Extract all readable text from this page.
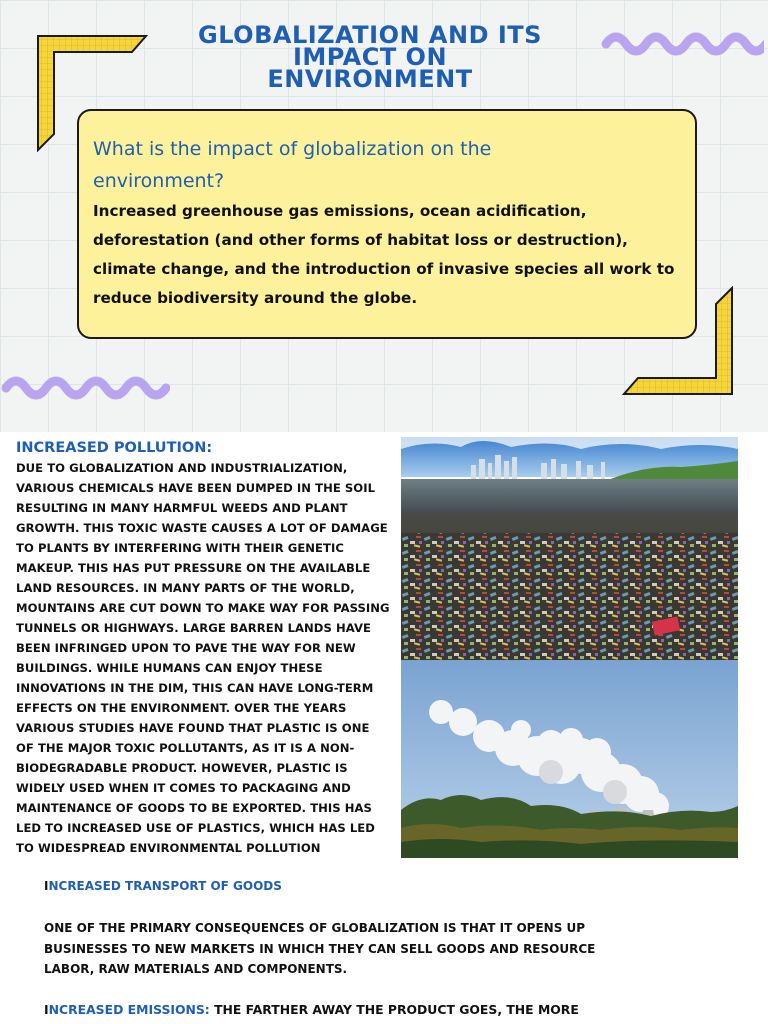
GLOBALIZATION AND ITS
IMPACT ON
ENVIRONMENT

What is the impact of globalization on the environment?

Increased greenhouse gas emissions, ocean acidification, deforestation (and other forms of habitat loss or destruction), climate change, and the introduction of invasive species all work to reduce biodiversity around the globe.

INCREASED POLLUTION:

DUE TO GLOBALIZATION AND INDUSTRIALIZATION, VARIOUS CHEMICALS HAVE BEEN DUMPED IN THE SOIL RESULTING IN MANY HARMFUL WEEDS AND PLANT GROWTH. THIS TOXIC WASTE CAUSES A LOT OF DAMAGE TO PLANTS BY INTERFERING WITH THEIR GENETIC MAKEUP. THIS HAS PUT PRESSURE ON THE AVAILABLE LAND RESOURCES. IN MANY PARTS OF THE WORLD, MOUNTAINS ARE CUT DOWN TO MAKE WAY FOR PASSING TUNNELS OR HIGHWAYS. LARGE BARREN LANDS HAVE BEEN INFRINGED UPON TO PAVE THE WAY FOR NEW BUILDINGS. WHILE HUMANS CAN ENJOY THESE INNOVATIONS IN THE DIM, THIS CAN HAVE LONG-TERM EFFECTS ON THE ENVIRONMENT. OVER THE YEARS VARIOUS STUDIES HAVE FOUND THAT PLASTIC IS ONE OF THE MAJOR TOXIC POLLUTANTS, AS IT IS A NON-BIODEGRADABLE PRODUCT. HOWEVER, PLASTIC IS WIDELY USED WHEN IT COMES TO PACKAGING AND MAINTENANCE OF GOODS TO BE EXPORTED. THIS HAS LED TO INCREASED USE OF PLASTICS, WHICH HAS LED TO WIDESPREAD ENVIRONMENTAL POLLUTION

INCREASED TRANSPORT OF GOODS

ONE OF THE PRIMARY CONSEQUENCES OF GLOBALIZATION IS THAT IT OPENS UP BUSINESSES TO NEW MARKETS IN WHICH THEY CAN SELL GOODS AND RESOURCE LABOR, RAW MATERIALS AND COMPONENTS.

INCREASED EMISSIONS: THE FARTHER AWAY THE PRODUCT GOES, THE MORE
